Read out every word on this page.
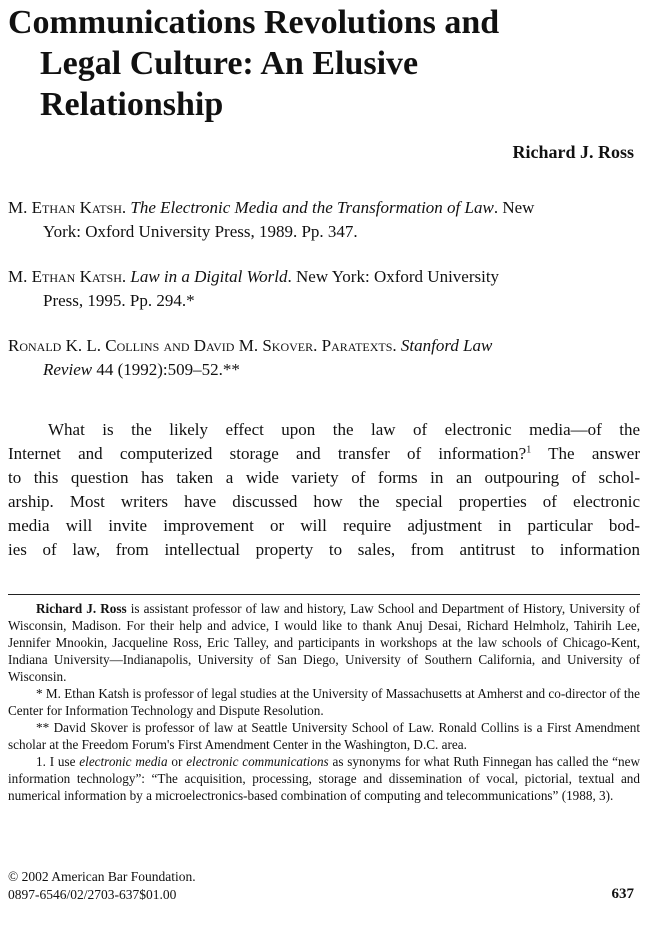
Communications Revolutions and
Legal Culture: An Elusive
Relationship
Richard J. Ross
M. Ethan Katsh. The Electronic Media and the Transformation of Law. New
York: Oxford University Press, 1989. Pp. 347.
M. Ethan Katsh. Law in a Digital World. New York: Oxford University
Press, 1995. Pp. 294.*
Ronald K. L. Collins and David M. Skover. Paratexts. Stanford Law
Review 44 (1992):509–52.**
What is the likely effect upon the law of electronic media—of the
Internet and computerized storage and transfer of information?$^1$ The answer
to this question has taken a wide variety of forms in an outpouring of schol-
arship. Most writers have discussed how the special properties of electronic
media will invite improvement or will require adjustment in particular bod-
ies of law, from intellectual property to sales, from antitrust to information

Richard J. Ross is assistant professor of law and history, Law School and Department of History, University of Wisconsin, Madison. For their help and advice, I would like to thank Anuj Desai, Richard Helmholz, Tahirih Lee, Jennifer Mnookin, Jacqueline Ross, Eric Talley, and participants in workshops at the law schools of Chicago-Kent, Indiana University—Indianapolis, University of San Diego, University of Southern California, and University of Wisconsin.

* M. Ethan Katsh is professor of legal studies at the University of Massachusetts at Amherst and co-director of the Center for Information Technology and Dispute Resolution.

** David Skover is professor of law at Seattle University School of Law. Ronald Collins is a First Amendment scholar at the Freedom Forum's First Amendment Center in the Washington, D.C. area.

1. I use electronic media or electronic communications as synonyms for what Ruth Finnegan has called the “new information technology”: “The acquisition, processing, storage and dissemination of vocal, pictorial, textual and numerical information by a microelectronics-based combination of computing and telecommunications” (1988, 3).

© 2002 American Bar Foundation.
0897-6546/02/2703-637$01.00	637
